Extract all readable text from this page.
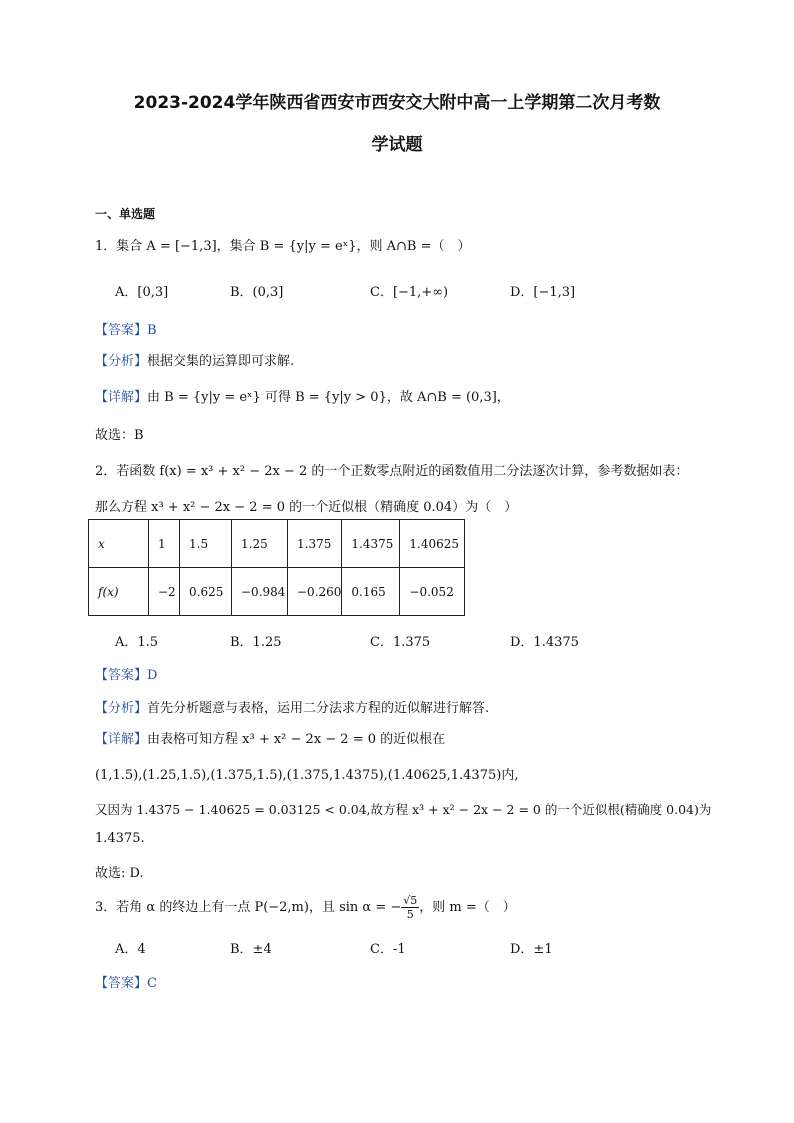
2023-2024学年陕西省西安市西安交大附中高一上学期第二次月考数
学试题
一、单选题
1．集合 A = [−1,3]，集合 B = {y|y = eˣ}，则 A∩B =（　）
A．[0,3]	B．(0,3]	C．[−1,+∞)	D．[−1,3]
【答案】B
【分析】根据交集的运算即可求解.
【详解】由 B = {y|y = eˣ} 可得 B = {y|y > 0}，故 A∩B = (0,3]，
故选：B
2．若函数 f(x) = x³ + x² − 2x − 2 的一个正数零点附近的函数值用二分法逐次计算，参考数据如表：
那么方程 x³ + x² − 2x − 2 = 0 的一个近似根（精确度 0.04）为（　）
x	1	1.5	1.25	1.375	1.4375	1.40625
f(x)	−2	0.625	−0.984	−0.260	0.165	−0.052
A．1.5	B．1.25	C．1.375	D．1.4375
【答案】D
【分析】首先分析题意与表格，运用二分法求方程的近似解进行解答.
【详解】由表格可知方程 x³ + x² − 2x − 2 = 0 的近似根在
(1,1.5),(1.25,1.5),(1.375,1.5),(1.375,1.4375),(1.40625,1.4375)内,
又因为 1.4375 − 1.40625 = 0.03125 < 0.04,故方程 x³ + x² − 2x − 2 = 0 的一个近似根(精确度 0.04)为
1.4375.
故选: D.
3．若角 α 的终边上有一点 P(−2,m)，且 sin α = − $\frac{√5}{5}$ ，则 m =（　）
A．4	B．±4	C．-1	D．±1
【答案】C
